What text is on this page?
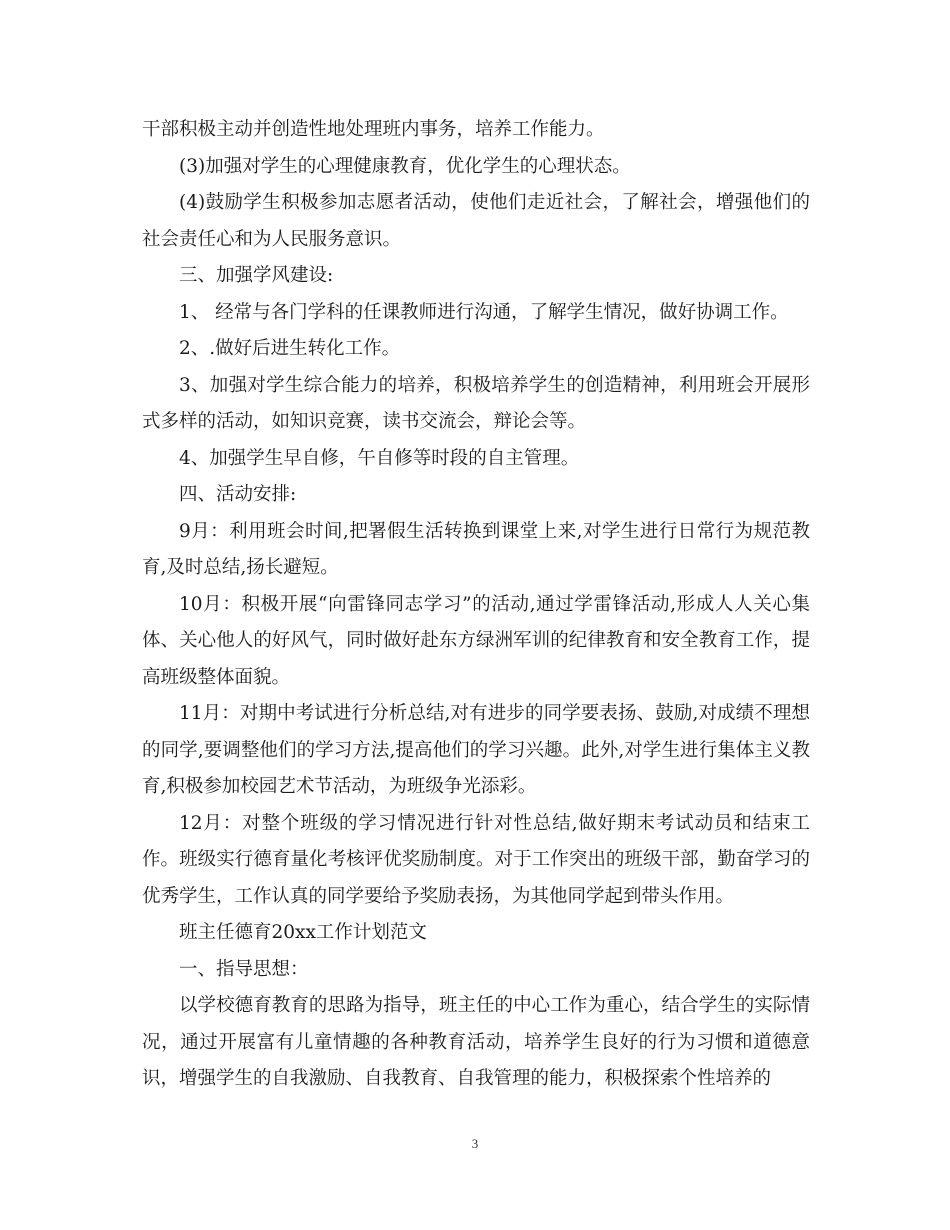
干部积极主动并创造性地处理班内事务，培养工作能力。

(3)加强对学生的心理健康教育，优化学生的心理状态。

(4)鼓励学生积极参加志愿者活动，使他们走近社会，了解社会，增强他们的社会责任心和为人民服务意识。

三、加强学风建设:

1、 经常与各门学科的任课教师进行沟通，了解学生情况，做好协调工作。

2、.做好后进生转化工作。

3、加强对学生综合能力的培养，积极培养学生的创造精神，利用班会开展形式多样的活动，如知识竞赛，读书交流会，辩论会等。

4、加强学生早自修，午自修等时段的自主管理。

四、活动安排:

9月：利用班会时间,把署假生活转换到课堂上来,对学生进行日常行为规范教育,及时总结,扬长避短。

10月：积极开展“向雷锋同志学习”的活动,通过学雷锋活动,形成人人关心集体、关心他人的好风气，同时做好赴东方绿洲军训的纪律教育和安全教育工作，提高班级整体面貌。

11月：对期中考试进行分析总结,对有进步的同学要表扬、鼓励,对成绩不理想的同学,要调整他们的学习方法,提高他们的学习兴趣。此外,对学生进行集体主义教育,积极参加校园艺术节活动，为班级争光添彩。

12月：对整个班级的学习情况进行针对性总结,做好期末考试动员和结束工作。班级实行德育量化考核评优奖励制度。对于工作突出的班级干部，勤奋学习的优秀学生，工作认真的同学要给予奖励表扬，为其他同学起到带头作用。

班主任德育20xx工作计划范文

一、指导思想：

以学校德育教育的思路为指导，班主任的中心工作为重心，结合学生的实际情况，通过开展富有儿童情趣的各种教育活动，培养学生良好的行为习惯和道德意识，增强学生的自我激励、自我教育、自我管理的能力，积极探索个性培养的

3
